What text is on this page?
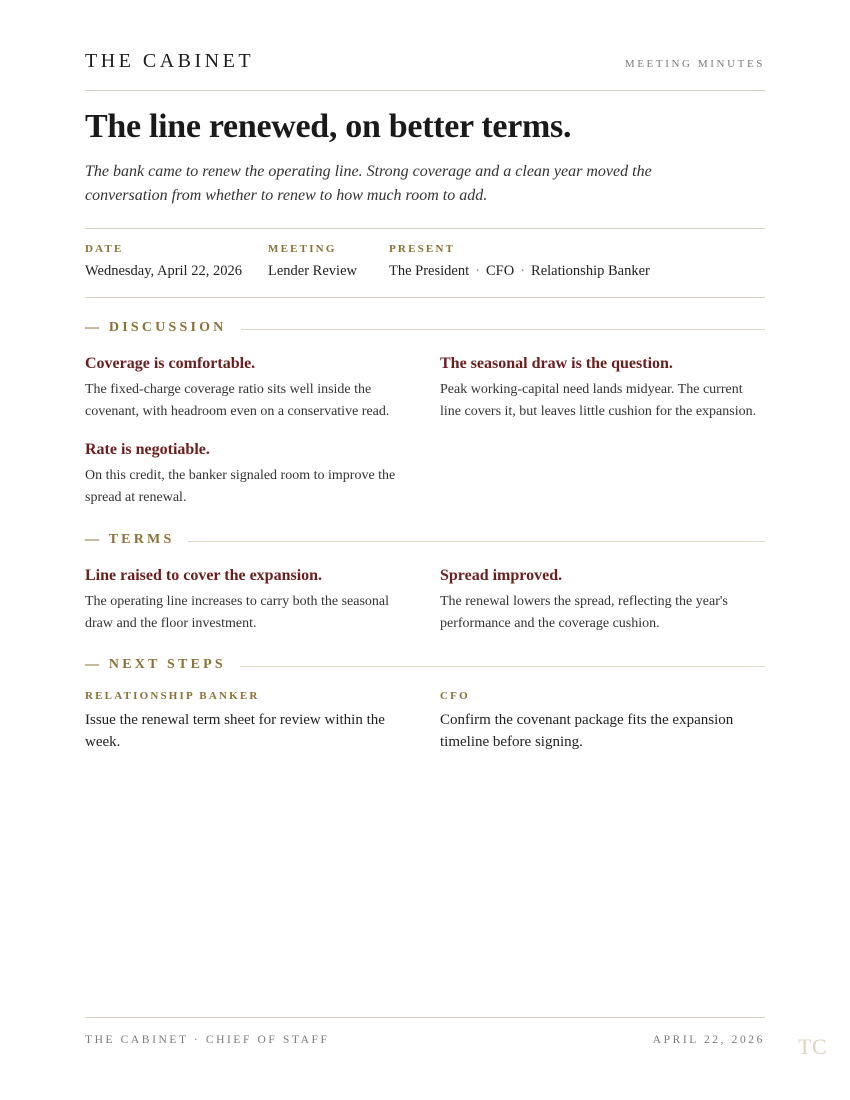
THE CABINET	MEETING MINUTES
The line renewed, on better terms.
The bank came to renew the operating line. Strong coverage and a clean year moved the conversation from whether to renew to how much room to add.
DATE
Wednesday, April 22, 2026
MEETING
Lender Review
PRESENT
The President · CFO · Relationship Banker
— DISCUSSION
Coverage is comfortable.
The fixed-charge coverage ratio sits well inside the covenant, with headroom even on a conservative read.
The seasonal draw is the question.
Peak working-capital need lands midyear. The current line covers it, but leaves little cushion for the expansion.
Rate is negotiable.
On this credit, the banker signaled room to improve the spread at renewal.
— TERMS
Line raised to cover the expansion.
The operating line increases to carry both the seasonal draw and the floor investment.
Spread improved.
The renewal lowers the spread, reflecting the year's performance and the coverage cushion.
— NEXT STEPS
RELATIONSHIP BANKER
Issue the renewal term sheet for review within the week.
CFO
Confirm the covenant package fits the expansion timeline before signing.
THE CABINET · CHIEF OF STAFF	APRIL 22, 2026 TC
